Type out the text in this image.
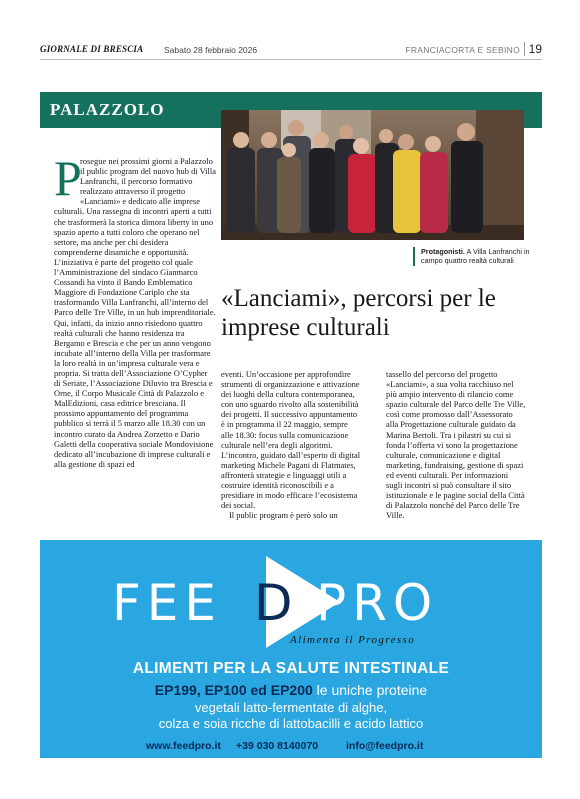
GIORNALE DI BRESCIA Sabato 28 febbraio 2026	FRANCIACORTA E SEBINO 19
PALAZZOLO
Protagonisti. A Villa Lanfranchi in campo quattro realtà culturali
«Lanciami», percorsi per le imprese culturali
P
rosegue nei prossimi giorni a Palazzolo il public program del nuovo hub di Villa Lanfranchi, il percorso formativo realizzato attraverso il progetto «Lanciami» e dedicato alle imprese culturali. Una rassegna di incontri aperti a tutti che trasformerà la storica dimora liberty in uno spazio aperto a tutti coloro che operano nel settore, ma anche per chi desidera comprenderne dinamiche e opportunità. L’iniziativa è parte del progetto col quale l’Amministrazione del sindaco Gianmarco Cossandi ha vinto il Bando Emblematico Maggiore di Fondazione Cariplo che sta trasformando Villa Lanfranchi, all’interno del Parco delle Tre Ville, in un hub imprenditoriale. Qui, infatti, da inizio anno risiedono quattro realtà culturali che hanno residenza tra Bergamo e Brescia e che per un anno vengono incubate all’interno della Villa per trasformare la loro realtà in un’impresa culturale vera e propria. Si tratta dell’Associazione O’Cypher di Seriate, l’Associazione Diluvio tra Brescia e Orne, il Corpo Musicale Città di Palazzolo e MalEdizioni, casa editrice bresciana. Il prossimo appuntamento del programma pubblico si terrà il 5 marzo alle 18.30 con un incontro curato da Andrea Zorzetto e Dario Galetti della cooperativa sociale Mondovisione dedicato all’incubazione di imprese culturali e alla gestione di spazi ed

eventi. Un’occasione per approfondire strumenti di organizzazione e attivazione dei luoghi della cultura contemporanea, con uno sguardo rivolto alla sostenibilità dei progetti. Il successivo appuntamento è in programma il 22 maggio, sempre alle 18.30: focus sulla comunicazione culturale nell’era degli algoritmi. L’incontro, guidato dall’esperto di digital marketing Michele Pagani di Flatmates, affronterà strategie e linguaggi utili a costruire identità riconoscibili e a presidiare in modo efficace l’ecosistema dei social.

Il public program è però solo un

tassello del percorso del progetto «Lanciami», a sua volta racchiuso nel più ampio intervento di rilancio come spazio culturale del Parco delle Tre Ville, così come promosso dall’Assessorato alla Progettazione culturale guidato da Marina Bertoli. Tra i pilastri su cui si fonda l’offerta vi sono la progettazione culturale, comunicazione e digital marketing, fundraising, gestione di spazi ed eventi culturali. Per informazioni sugli incontri si può consultare il sito istituzionale e le pagine social della Città di Palazzolo nonché del Parco delle Tre Ville.

FEE D PRO
Alimenta il Progresso
ALIMENTI PER LA SALUTE INTESTINALE
EP199, EP100 ed EP200 le uniche proteine
vegetali latto-fermentate di alghe,
colza e soia ricche di lattobacilli e acido lattico
www.feedpro.it +39 030 8140070	info@feedpro.it
